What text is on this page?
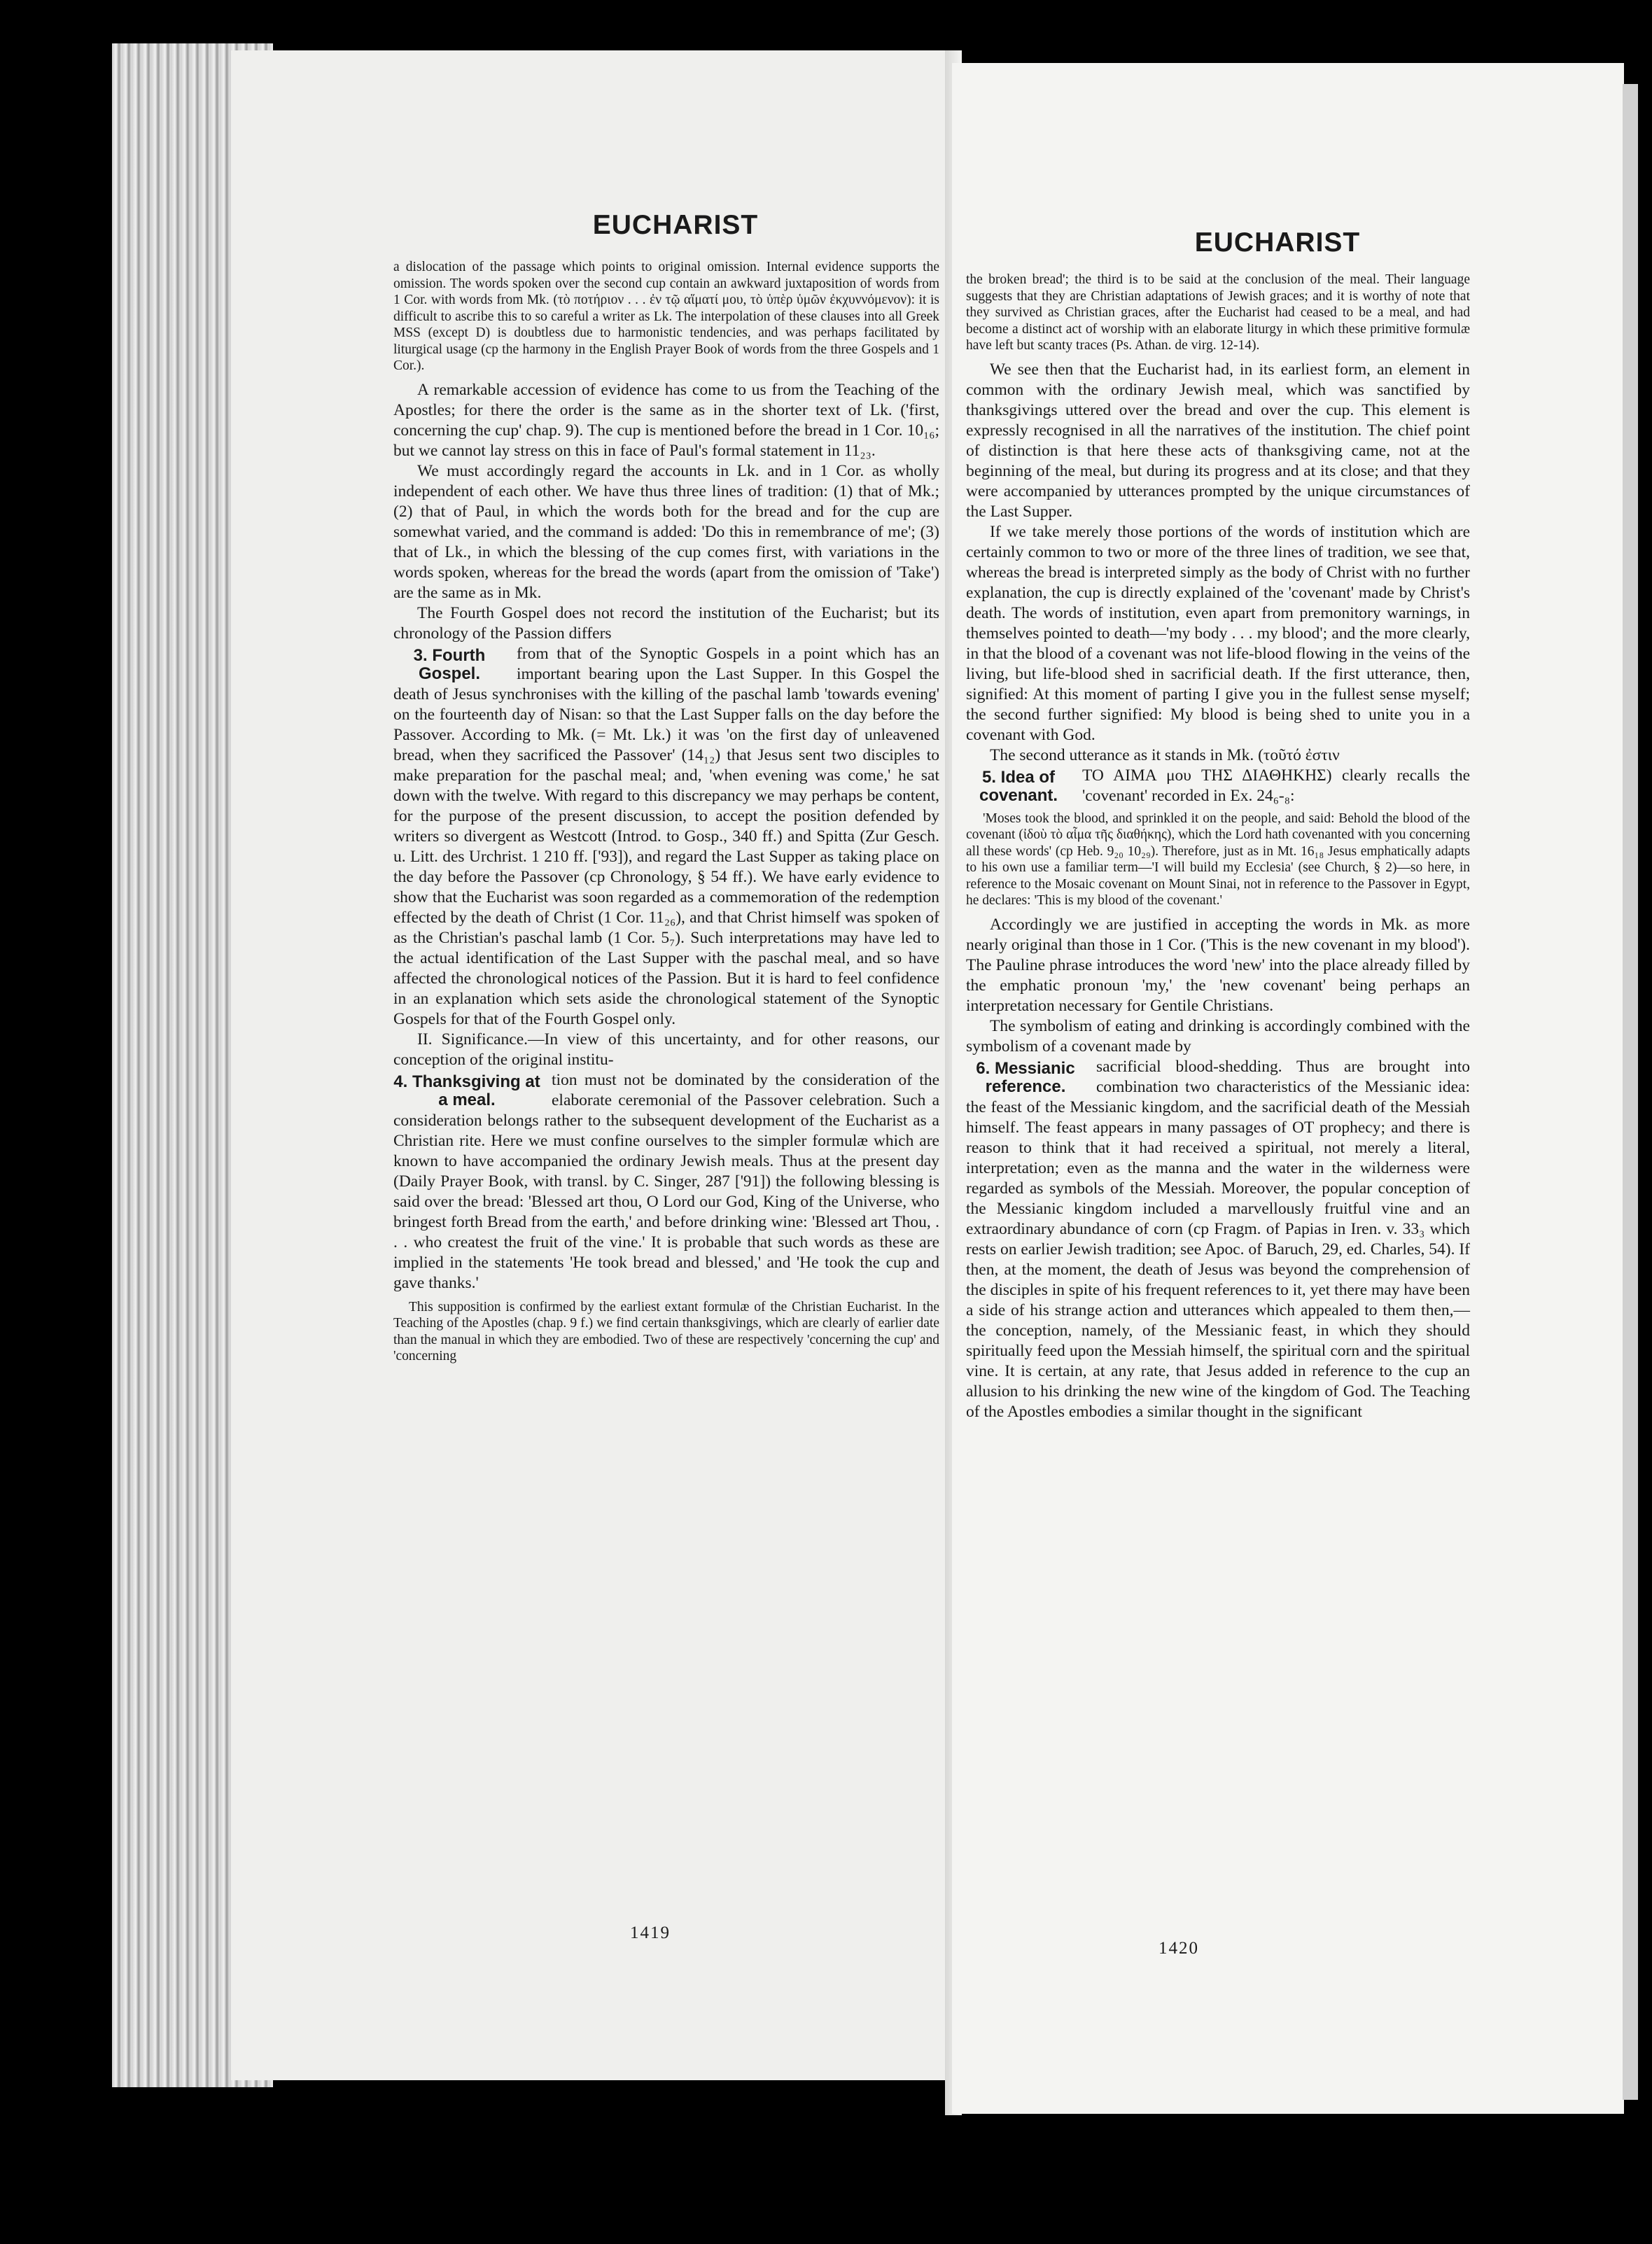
EUCHARIST

a dislocation of the passage which points to original omission. Internal evidence supports the omission. The words spoken over the second cup contain an awkward juxtaposition of words from 1 Cor. with words from Mk. (τὸ ποτήριον . . . ἐν τῷ αἵματί μου, τὸ ὑπὲρ ὑμῶν ἐκχυννόμενον): it is difficult to ascribe this to so careful a writer as Lk. The interpolation of these clauses into all Greek MSS (except D) is doubtless due to harmonistic tendencies, and was perhaps facilitated by liturgical usage (cp the harmony in the English Prayer Book of words from the three Gospels and 1 Cor.).

A remarkable accession of evidence has come to us from the Teaching of the Apostles; for there the order is the same as in the shorter text of Lk. ('first, concerning the cup' chap. 9). The cup is mentioned before the bread in 1 Cor. 10₁₆; but we cannot lay stress on this in face of Paul's formal statement in 11₂₃.

We must accordingly regard the accounts in Lk. and in 1 Cor. as wholly independent of each other. We have thus three lines of tradition: (1) that of Mk.; (2) that of Paul, in which the words both for the bread and for the cup are somewhat varied, and the command is added: 'Do this in remembrance of me'; (3) that of Lk., in which the blessing of the cup comes first, with variations in the words spoken, whereas for the bread the words (apart from the omission of 'Take') are the same as in Mk.

The Fourth Gospel does not record the institution of the Eucharist; but its chronology of the Passion differs

3. Fourth Gospel.

from that of the Synoptic Gospels in a point which has an important bearing upon the Last Supper. In this Gospel the death of Jesus synchronises with the killing of the paschal lamb 'towards evening' on the fourteenth day of Nisan: so that the Last Supper falls on the day before the Passover. According to Mk. (= Mt. Lk.) it was 'on the first day of unleavened bread, when they sacrificed the Passover' (14₁₂) that Jesus sent two disciples to make preparation for the paschal meal; and, 'when evening was come,' he sat down with the twelve. With regard to this discrepancy we may perhaps be content, for the purpose of the present discussion, to accept the position defended by writers so divergent as Westcott (Introd. to Gosp., 340 ff.) and Spitta (Zur Gesch. u. Litt. des Urchrist. 1 210 ff. ['93]), and regard the Last Supper as taking place on the day before the Passover (cp Chronology, § 54 ff.). We have early evidence to show that the Eucharist was soon regarded as a commemoration of the redemption effected by the death of Christ (1 Cor. 11₂₆), and that Christ himself was spoken of as the Christian's paschal lamb (1 Cor. 5₇). Such interpretations may have led to the actual identification of the Last Supper with the paschal meal, and so have affected the chronological notices of the Passion. But it is hard to feel confidence in an explanation which sets aside the chronological statement of the Synoptic Gospels for that of the Fourth Gospel only.

II. Significance.—In view of this uncertainty, and for other reasons, our conception of the original institu-

4. Thanksgiving at a meal.

tion must not be dominated by the consideration of the elaborate ceremonial of the Passover celebration. Such a consideration belongs rather to the subsequent development of the Eucharist as a Christian rite. Here we must confine ourselves to the simpler formulæ which are known to have accompanied the ordinary Jewish meals. Thus at the present day (Daily Prayer Book, with transl. by C. Singer, 287 ['91]) the following blessing is said over the bread: 'Blessed art thou, O Lord our God, King of the Universe, who bringest forth Bread from the earth,' and before drinking wine: 'Blessed art Thou, . . . who createst the fruit of the vine.' It is probable that such words as these are implied in the statements 'He took bread and blessed,' and 'He took the cup and gave thanks.'

This supposition is confirmed by the earliest extant formulæ of the Christian Eucharist. In the Teaching of the Apostles (chap. 9 f.) we find certain thanksgivings, which are clearly of earlier date than the manual in which they are embodied. Two of these are respectively 'concerning the cup' and 'concerning

1419
EUCHARIST

the broken bread'; the third is to be said at the conclusion of the meal. Their language suggests that they are Christian adaptations of Jewish graces; and it is worthy of note that they survived as Christian graces, after the Eucharist had ceased to be a meal, and had become a distinct act of worship with an elaborate liturgy in which these primitive formulæ have left but scanty traces (Ps. Athan. de virg. 12-14).

We see then that the Eucharist had, in its earliest form, an element in common with the ordinary Jewish meal, which was sanctified by thanksgivings uttered over the bread and over the cup. This element is expressly recognised in all the narratives of the institution. The chief point of distinction is that here these acts of thanksgiving came, not at the beginning of the meal, but during its progress and at its close; and that they were accompanied by utterances prompted by the unique circumstances of the Last Supper.

If we take merely those portions of the words of institution which are certainly common to two or more of the three lines of tradition, we see that, whereas the bread is interpreted simply as the body of Christ with no further explanation, the cup is directly explained of the 'covenant' made by Christ's death. The words of institution, even apart from premonitory warnings, in themselves pointed to death—'my body . . . my blood'; and the more clearly, in that the blood of a covenant was not life-blood flowing in the veins of the living, but life-blood shed in sacrificial death. If the first utterance, then, signified: At this moment of parting I give you in the fullest sense myself; the second further signified: My blood is being shed to unite you in a covenant with God.

The second utterance as it stands in Mk. (τοῦτό ἐστιν

5. Idea of covenant.

ΤΟ ΑΙΜΑ μου ΤΗΣ ΔΙΑΘΗΚΗΣ) clearly recalls the 'covenant' recorded in Ex. 24₆-₈:

'Moses took the blood, and sprinkled it on the people, and said: Behold the blood of the covenant (ἰδοὺ τὸ αἷμα τῆς διαθήκης), which the Lord hath covenanted with you concerning all these words' (cp Heb. 9₂₀ 10₂₉). Therefore, just as in Mt. 16₁₈ Jesus emphatically adapts to his own use a familiar term—'I will build my Ecclesia' (see Church, § 2)—so here, in reference to the Mosaic covenant on Mount Sinai, not in reference to the Passover in Egypt, he declares: 'This is my blood of the covenant.'

Accordingly we are justified in accepting the words in Mk. as more nearly original than those in 1 Cor. ('This is the new covenant in my blood'). The Pauline phrase introduces the word 'new' into the place already filled by the emphatic pronoun 'my,' the 'new covenant' being perhaps an interpretation necessary for Gentile Christians.

The symbolism of eating and drinking is accordingly combined with the symbolism of a covenant made by

6. Messianic reference.

sacrificial blood-shedding. Thus are brought into combination two characteristics of the Messianic idea: the feast of the Messianic kingdom, and the sacrificial death of the Messiah himself. The feast appears in many passages of OT prophecy; and there is reason to think that it had received a spiritual, not merely a literal, interpretation; even as the manna and the water in the wilderness were regarded as symbols of the Messiah. Moreover, the popular conception of the Messianic kingdom included a marvellously fruitful vine and an extraordinary abundance of corn (cp Fragm. of Papias in Iren. v. 33₃ which rests on earlier Jewish tradition; see Apoc. of Baruch, 29, ed. Charles, 54). If then, at the moment, the death of Jesus was beyond the comprehension of the disciples in spite of his frequent references to it, yet there may have been a side of his strange action and utterances which appealed to them then,—the conception, namely, of the Messianic feast, in which they should spiritually feed upon the Messiah himself, the spiritual corn and the spiritual vine. It is certain, at any rate, that Jesus added in reference to the cup an allusion to his drinking the new wine of the kingdom of God. The Teaching of the Apostles embodies a similar thought in the significant

1420
